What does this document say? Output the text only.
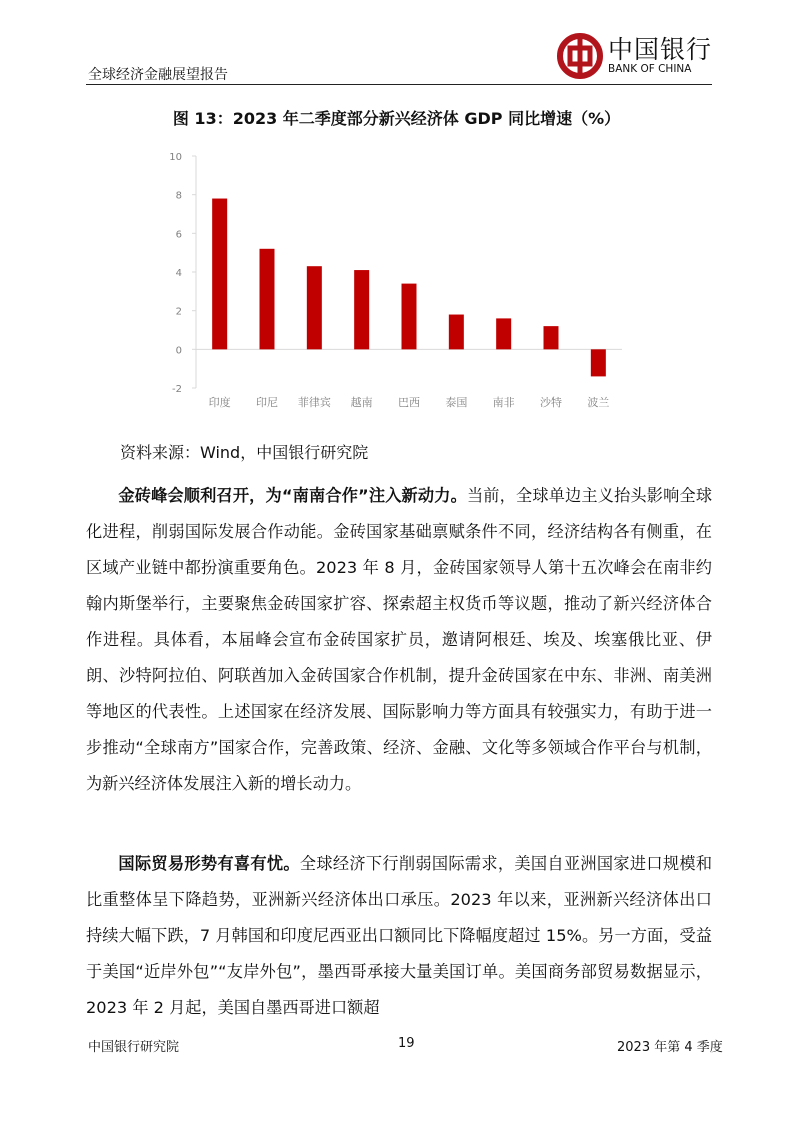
全球经济金融展望报告
中国银行
BANK OF CHINA
图 13：2023 年二季度部分新兴经济体 GDP 同比增速（%）
-2
0
2
4
6
8
10
印度 印尼 菲律宾 越南 巴西 泰国 南非 沙特 波兰
资料来源：Wind，中国银行研究院

金砖峰会顺利召开，为“南南合作”注入新动力。当前，全球单边主义抬头影响全球化进程，削弱国际发展合作动能。金砖国家基础禀赋条件不同，经济结构各有侧重，在区域产业链中都扮演重要角色。2023 年 8 月，金砖国家领导人第十五次峰会在南非约翰内斯堡举行，主要聚焦金砖国家扩容、探索超主权货币等议题，推动了新兴经济体合作进程。具体看，本届峰会宣布金砖国家扩员，邀请阿根廷、埃及、埃塞俄比亚、伊朗、沙特阿拉伯、阿联酋加入金砖国家合作机制，提升金砖国家在中东、非洲、南美洲等地区的代表性。上述国家在经济发展、国际影响力等方面具有较强实力，有助于进一步推动“全球南方”国家合作，完善政策、经济、金融、文化等多领域合作平台与机制，为新兴经济体发展注入新的增长动力。

国际贸易形势有喜有忧。全球经济下行削弱国际需求，美国自亚洲国家进口规模和比重整体呈下降趋势，亚洲新兴经济体出口承压。2023 年以来，亚洲新兴经济体出口持续大幅下跌，7 月韩国和印度尼西亚出口额同比下降幅度超过 15%。另一方面，受益于美国“近岸外包”“友岸外包”，墨西哥承接大量美国订单。美国商务部贸易数据显示，2023 年 2 月起，美国自墨西哥进口额超

中国银行研究院	19	2023 年第 4 季度
